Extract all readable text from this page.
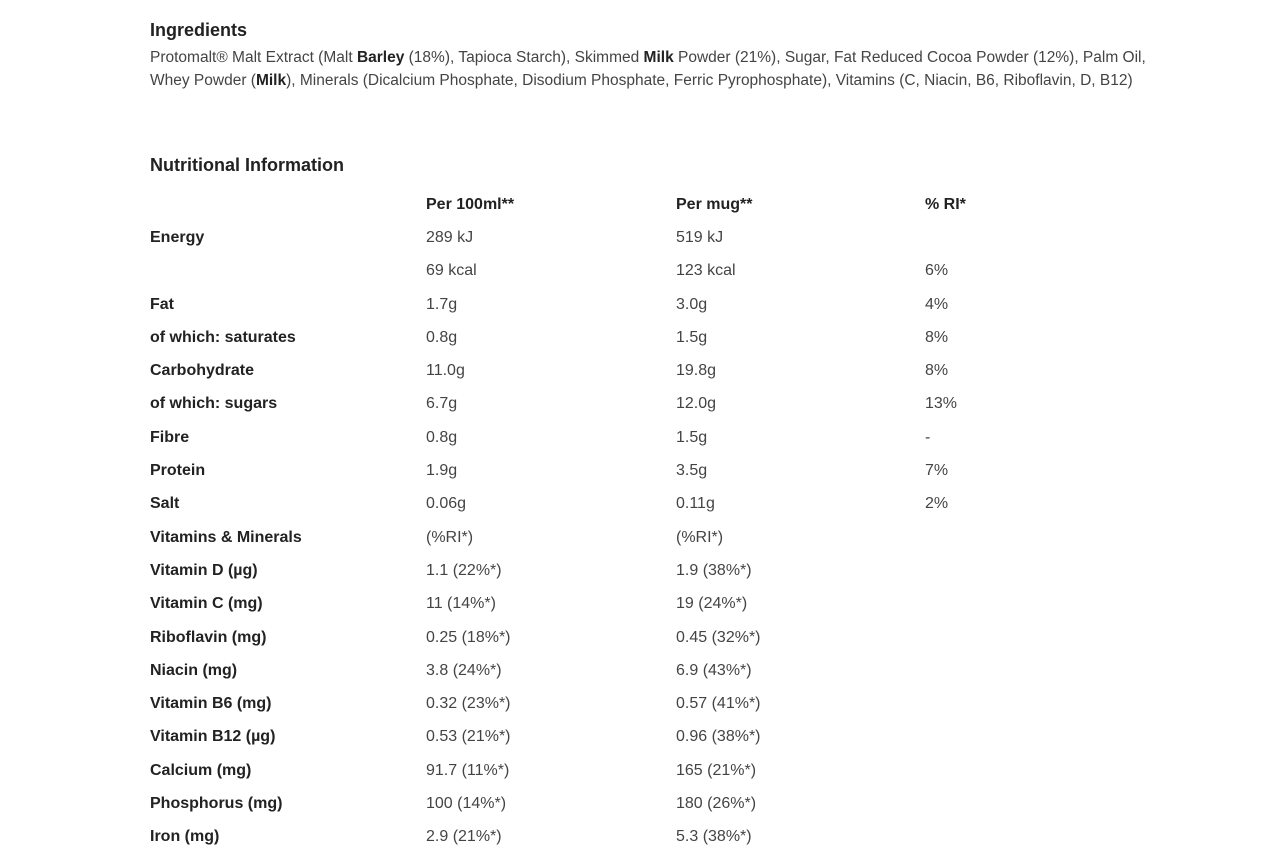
Ingredients

Protomalt® Malt Extract (Malt Barley (18%), Tapioca Starch), Skimmed Milk Powder (21%), Sugar, Fat Reduced Cocoa Powder (12%), Palm Oil, Whey Powder (Milk), Minerals (Dicalcium Phosphate, Disodium Phosphate, Ferric Pyrophosphate), Vitamins (C, Niacin, B6, Riboflavin, D, B12)

Nutritional Information
	Per 100ml**	Per mug**	% RI*
Energy	289 kJ	519 kJ	
	69 kcal	123 kcal	6%
Fat	1.7g	3.0g	4%
of which: saturates	0.8g	1.5g	8%
Carbohydrate	11.0g	19.8g	8%
of which: sugars	6.7g	12.0g	13%
Fibre	0.8g	1.5g	-
Protein	1.9g	3.5g	7%
Salt	0.06g	0.11g	2%
Vitamins & Minerals	(%RI*)	(%RI*)	
Vitamin D (µg)	1.1 (22%*)	1.9 (38%*)	
Vitamin C (mg)	11 (14%*)	19 (24%*)	
Riboflavin (mg)	0.25 (18%*)	0.45 (32%*)	
Niacin (mg)	3.8 (24%*)	6.9 (43%*)	
Vitamin B6 (mg)	0.32 (23%*)	0.57 (41%*)	
Vitamin B12 (µg)	0.53 (21%*)	0.96 (38%*)	
Calcium (mg)	91.7 (11%*)	165 (21%*)	
Phosphorus (mg)	100 (14%*)	180 (26%*)	
Iron (mg)	2.9 (21%*)	5.3 (38%*)	
